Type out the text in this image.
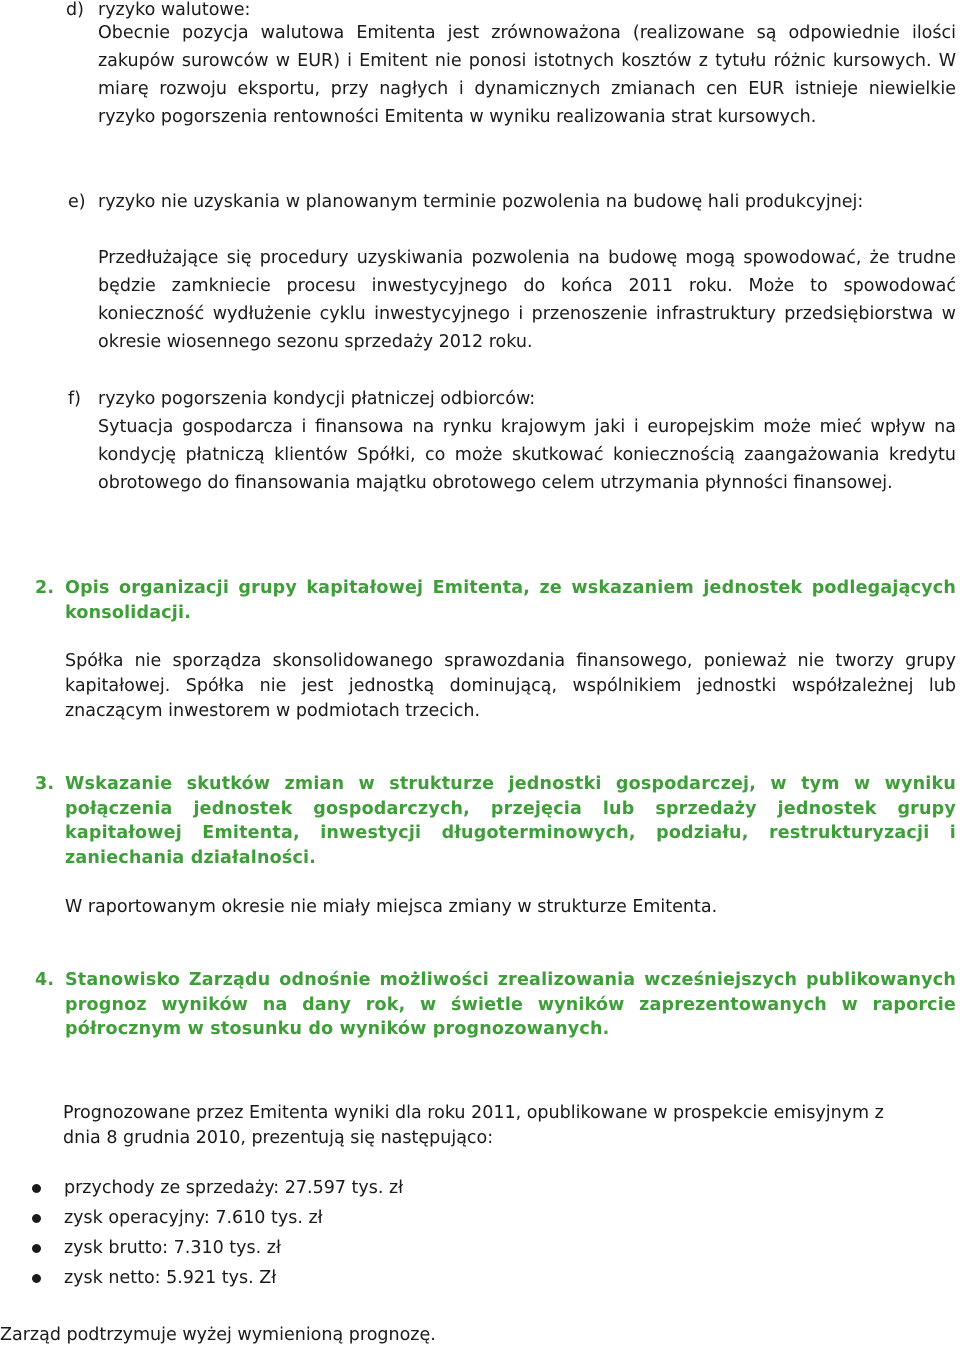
d) ryzyko walutowe:
Obecnie pozycja walutowa Emitenta jest zrównoważona (realizowane są odpowiednie ilości zakupów surowców w EUR) i Emitent nie ponosi istotnych kosztów z tytułu różnic kursowych. W miarę rozwoju eksportu, przy nagłych i dynamicznych zmianach cen EUR istnieje niewielkie ryzyko pogorszenia rentowności Emitenta w wyniku realizowania strat kursowych.
e) ryzyko nie uzyskania w planowanym terminie pozwolenia na budowę hali produkcyjnej:
Przedłużające się procedury uzyskiwania pozwolenia na budowę mogą spowodować, że trudne będzie zamkniecie procesu inwestycyjnego do końca 2011 roku. Może to spowodować konieczność wydłużenie cyklu inwestycyjnego i przenoszenie infrastruktury przedsiębiorstwa w okresie wiosennego sezonu sprzedaży 2012 roku.
f) ryzyko pogorszenia kondycji płatniczej odbiorców:
Sytuacja gospodarcza i finansowa na rynku krajowym jaki i europejskim może mieć wpływ na kondycję płatniczą klientów Spółki, co może skutkować koniecznością zaangażowania kredytu obrotowego do finansowania majątku obrotowego celem utrzymania płynności finansowej.
2. Opis organizacji grupy kapitałowej Emitenta, ze wskazaniem jednostek podlegających konsolidacji.
Spółka nie sporządza skonsolidowanego sprawozdania finansowego, ponieważ nie tworzy grupy kapitałowej. Spółka nie jest jednostką dominującą, wspólnikiem jednostki współzależnej lub znaczącym inwestorem w podmiotach trzecich.
3. Wskazanie skutków zmian w strukturze jednostki gospodarczej, w tym w wyniku połączenia jednostek gospodarczych, przejęcia lub sprzedaży jednostek grupy kapitałowej Emitenta, inwestycji długoterminowych, podziału, restrukturyzacji i zaniechania działalności.
W raportowanym okresie nie miały miejsca zmiany w strukturze Emitenta.
4. Stanowisko Zarządu odnośnie możliwości zrealizowania wcześniejszych publikowanych prognoz wyników na dany rok, w świetle wyników zaprezentowanych w raporcie półrocznym w stosunku do wyników prognozowanych.
Prognozowane przez Emitenta wyniki dla roku 2011, opublikowane w prospekcie emisyjnym z dnia 8 grudnia 2010, prezentują się następująco:
przychody ze sprzedaży: 27.597 tys. zł
zysk operacyjny: 7.610 tys. zł
zysk brutto: 7.310 tys. zł
zysk netto: 5.921 tys. Zł
Zarząd podtrzymuje wyżej wymienioną prognozę.
